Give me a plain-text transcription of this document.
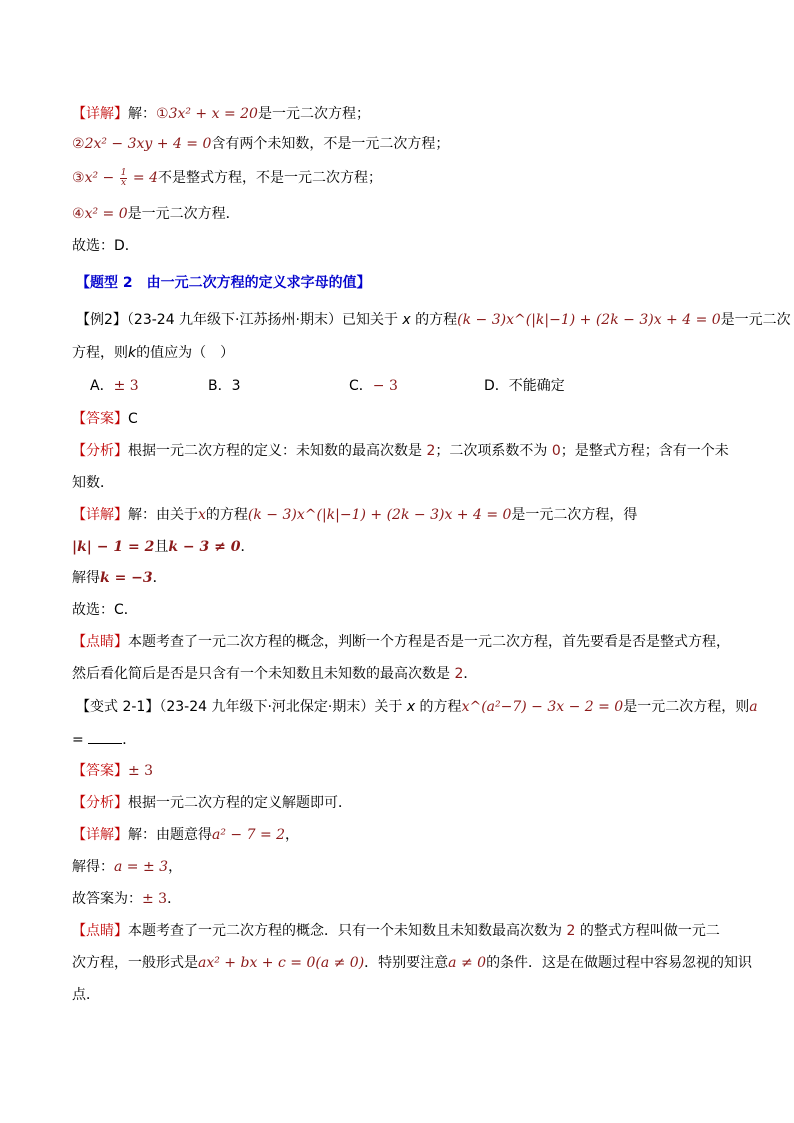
【详解】解：①3x² + x = 20是一元二次方程；
②2x² − 3xy + 4 = 0含有两个未知数，不是一元二次方程；
③x² − $\frac{1}{x} = 4$不是整式方程，不是一元二次方程；
④x² = 0是一元二次方程．
故选：D．
【题型 2　由一元二次方程的定义求字母的值】
【例2】（23-24 九年级下·江苏扬州·期末）已知关于 x 的方程(k − 3)x^(|k|−1) + (2k − 3)x + 4 = 0是一元二次
方程，则k的值应为（　）
A．± 3	B．3	C．− 3	D．不能确定
【答案】C
【分析】根据一元二次方程的定义：未知数的最高次数是 2；二次项系数不为 0；是整式方程；含有一个未
知数．
【详解】解：由关于x的方程(k − 3)x^(|k|−1) + (2k − 3)x + 4 = 0是一元二次方程，得
|k| − 1 = 2且k − 3 ≠ 0．
解得k = −3．
故选：C．
【点睛】本题考查了一元二次方程的概念，判断一个方程是否是一元二次方程，首先要看是否是整式方程，
然后看化简后是否是只含有一个未知数且未知数的最高次数是 2．
【变式 2-1】（23-24 九年级下·河北保定·期末）关于 x 的方程x^(a²−7) − 3x − 2 = 0是一元二次方程，则a
= ．
【答案】± 3
【分析】根据一元二次方程的定义解题即可．
【详解】解：由题意得a² − 7 = 2，
解得：a = ± 3，
故答案为：± 3．
【点睛】本题考查了一元二次方程的概念．只有一个未知数且未知数最高次数为 2 的整式方程叫做一元二
次方程，一般形式是ax² + bx + c = 0(a ≠ 0)．特别要注意a ≠ 0的条件．这是在做题过程中容易忽视的知识
点．
